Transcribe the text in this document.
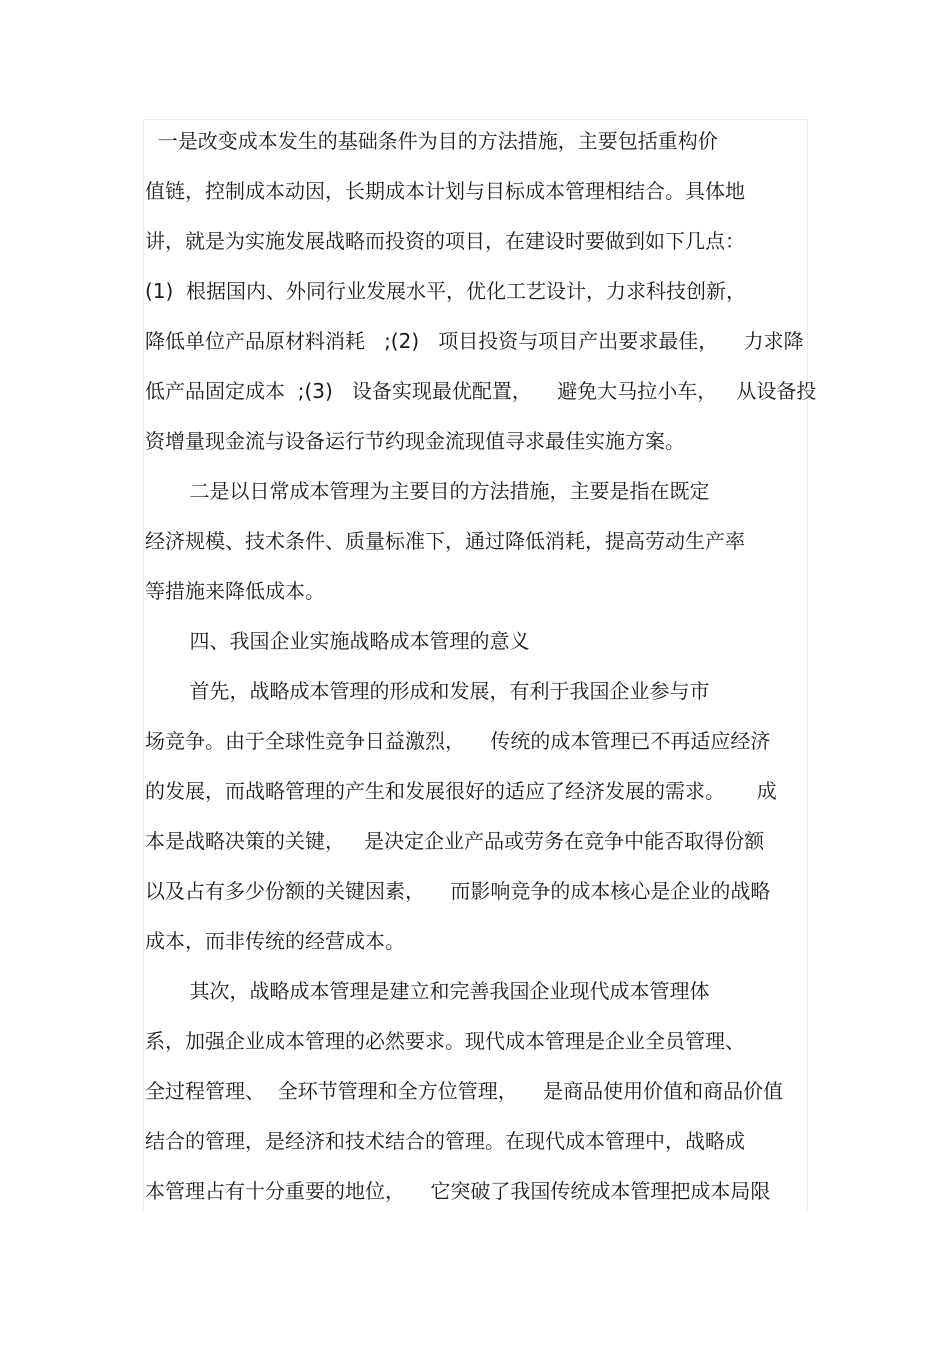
一是改变成本发生的基础条件为目的方法措施，主要包括重构价
值链，控制成本动因，长期成本计划与目标成本管理相结合。具体地
讲，就是为实施发展战略而投资的项目，在建设时要做到如下几点：
(1)  根据国内、外同行业发展水平，优化工艺设计，力求科技创新，
降低单位产品原材料消耗   ;(2)   项目投资与项目产出要求最佳，    力求降
低产品固定成本  ;(3)   设备实现最优配置，    避免大马拉小车，   从设备投
资增量现金流与设备运行节约现金流现值寻求最佳实施方案。
二是以日常成本管理为主要目的方法措施，主要是指在既定
经济规模、技术条件、质量标准下，通过降低消耗，提高劳动生产率
等措施来降低成本。
四、我国企业实施战略成本管理的意义
首先，战略成本管理的形成和发展，有利于我国企业参与市
场竞争。由于全球性竞争日益激烈，    传统的成本管理已不再适应经济
的发展，而战略管理的产生和发展很好的适应了经济发展的需求。     成
本是战略决策的关键，   是决定企业产品或劳务在竞争中能否取得份额
以及占有多少份额的关键因素，    而影响竞争的成本核心是企业的战略
成本，而非传统的经营成本。
其次，战略成本管理是建立和完善我国企业现代成本管理体
系，加强企业成本管理的必然要求。现代成本管理是企业全员管理、
全过程管理、  全环节管理和全方位管理，    是商品使用价值和商品价值
结合的管理，是经济和技术结合的管理。在现代成本管理中，战略成
本管理占有十分重要的地位，    它突破了我国传统成本管理把成本局限
